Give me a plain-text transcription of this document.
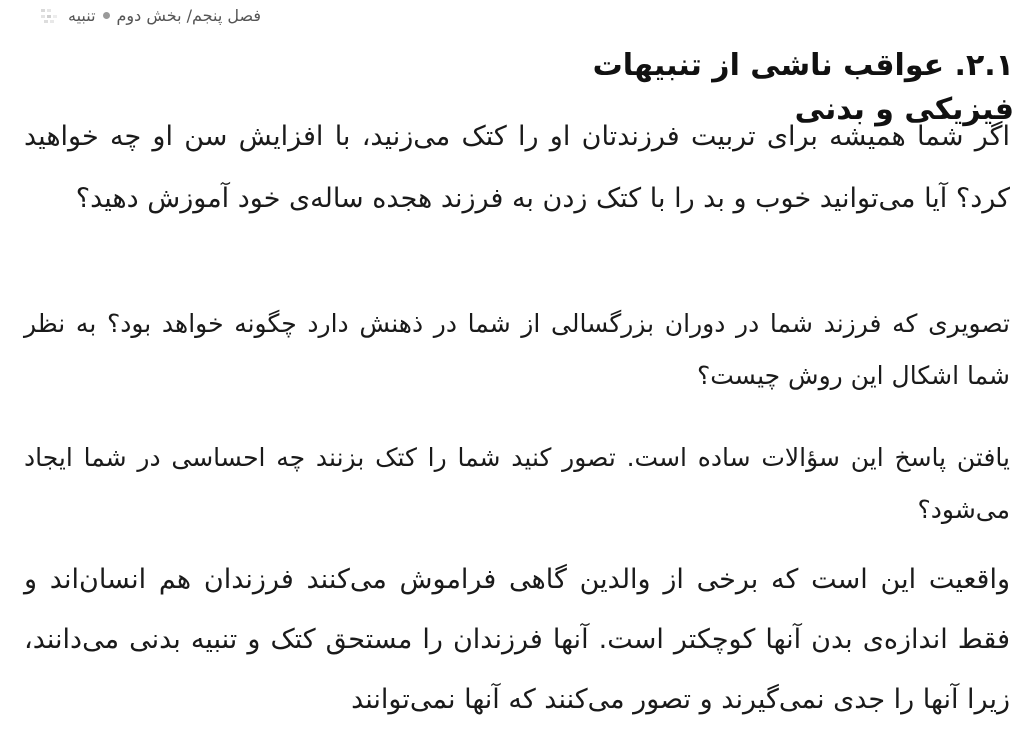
فصل پنجم/ بخش دوم
تنبیه
۲.۱. عواقب ناشی از تنبیهات فیزیکی و بدنی

اگر شما همیشه برای تربیت فرزندتان او را کتک می‌زنید، با افزایش سن او چه خواهید کرد؟ آیا می‌توانید خوب و بد را با کتک زدن به فرزند هجده ساله‌ی خود آموزش دهید؟

تصویری که فرزند شما در دوران بزرگسالی از شما در ذهنش دارد چگونه خواهد بود؟ به نظر شما اشکال این روش چیست؟

یافتن پاسخ این سؤالات ساده است. تصور کنید شما را کتک بزنند چه احساسی در شما ایجاد می‌شود؟

واقعیت این است که برخی از والدین گاهی فراموش می‌کنند فرزندان هم انسان‌اند و فقط اندازه‌ی بدن آنها کوچکتر است. آنها فرزندان را مستحق کتک و تنبیه بدنی می‌دانند، زیرا آنها را جدی نمی‌گیرند و تصور می‌کنند که آنها نمی‌توانند
